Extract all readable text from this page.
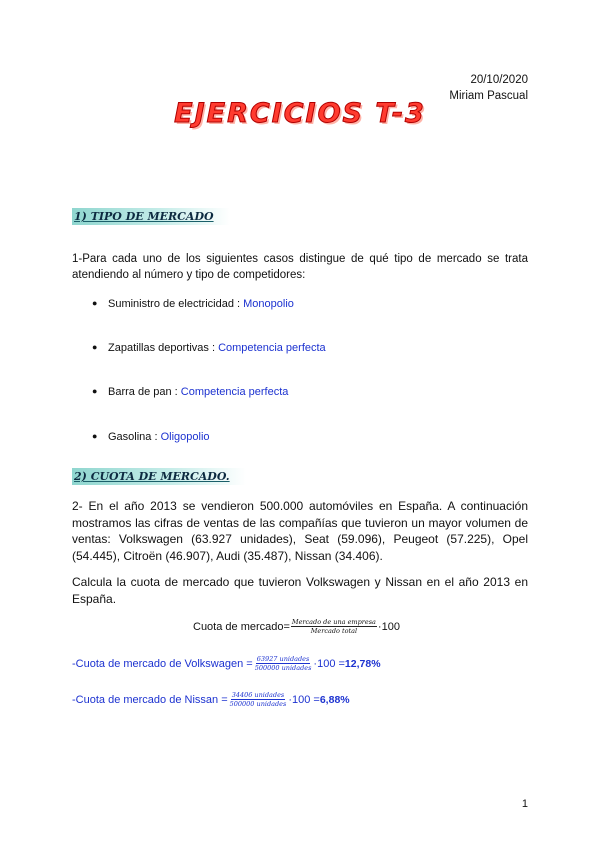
20/10/2020
Miriam Pascual
EJERCICIOS T-3
1) TIPO DE MERCADO
1-Para cada uno de los siguientes casos distingue de qué tipo de mercado se trata atendiendo al número y tipo de competidores:
● Suministro de electricidad : Monopolio
● Zapatillas deportivas : Competencia perfecta
● Barra de pan : Competencia perfecta
● Gasolina : Oligopolio
2) CUOTA DE MERCADO.
2- En el año 2013 se vendieron 500.000 automóviles en España. A continuación mostramos las cifras de ventas de las compañías que tuvieron un mayor volumen de ventas: Volkswagen (63.927 unidades), Seat (59.096), Peugeot (57.225), Opel (54.445), Citroën (46.907), Audi (35.487), Nissan (34.406).
Calcula la cuota de mercado que tuvieron Volkswagen y Nissan en el año 2013 en España.
Cuota de mercado= $\frac{\text{Mercado de una empresa}}{\text{Mercado total}} \cdot 100$
-Cuota de mercado de Volkswagen = $\frac{\text{63927 unidades}}{\text{500000 unidades}} \cdot 100 = 12,78\%$
-Cuota de mercado de Nissan = $\frac{\text{34406 unidades}}{\text{500000 unidades}} \cdot 100 = 6,88\%$
1
